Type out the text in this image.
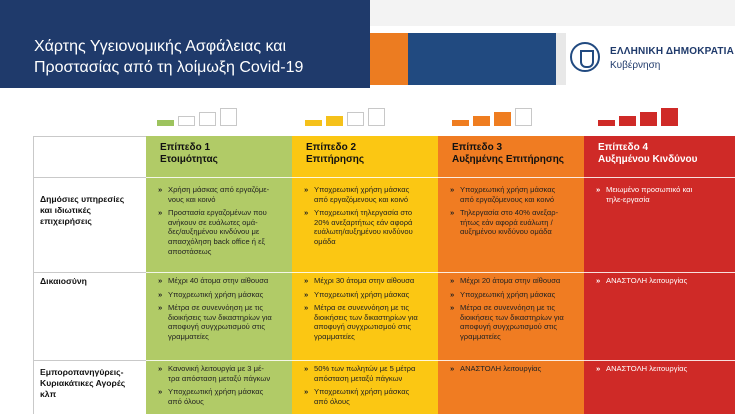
Χάρτης Υγειονομικής Ασφάλειας και
Προστασίας από τη λοίμωξη Covid-19
ΕΛΛΗΝΙΚΗ ΔΗΜΟΚΡΑΤΙΑ
Κυβέρνηση
Επίπεδο 1
Ετοιμότητας
Επίπεδο 2
Επιτήρησης
Επίπεδο 3
Αυξημένης Επιτήρησης
Επίπεδο 4
Αυξημένου Κινδύνου
Δημόσιες υπηρεσίες
και ιδιωτικές
επιχειρήσεις
» Χρήση μάσκας από εργαζόμε-
νους και κοινό
» Προστασία εργαζομένων που
ανήκουν σε ευάλωτες ομά-
δες/αυξημένου κινδύνου με
απασχόληση back office ή εξ
αποστάσεως
» Υποχρεωτική χρήση μάσκας
από εργαζόμενους και κοινό
» Υποχρεωτική τηλεργασία στο
20% ανεξαρτήτως εάν αφορά
ευάλωτη/αυξημένου κινδύνου
ομάδα
» Υποχρεωτική χρήση μάσκας
από εργαζόμενους και κοινό
» Τηλεργασία στο 40% ανεξαρ-
τήτως εάν αφορά ευάλωτη /
αυξημένου κινδύνου ομάδα
» Μειωμένο προσωπικό και
τηλε-εργασία
Δικαιοσύνη	» Μέχρι 40 άτομα στην αίθουσα
» Υποχρεωτική χρήση μάσκας
» Μέτρα σε συνεννόηση με τις
διοικήσεις των δικαστηρίων για
αποφυγή συγχρωτισμού στις
γραμματείες
» Μέχρι 30 άτομα στην αίθουσα
» Υποχρεωτική χρήση μάσκας
» Μέτρα σε συνεννόηση με τις
διοικήσεις των δικαστηρίων για
αποφυγή συγχρωτισμού στις
γραμματείες
» Μέχρι 20 άτομα στην αίθουσα
» Υποχρεωτική χρήση μάσκας
» Μέτρα σε συνεννόηση με τις
διοικήσεις των δικαστηρίων για
αποφυγή συγχρωτισμού στις
γραμματείες
» ΑΝΑΣΤΟΛΗ λειτουργίας
Εμποροπανηγύρεις-
Κυριακάτικες Αγορές
κλπ
» Κανονική λειτουργία με 3 μέ-
τρα απόσταση μεταξύ πάγκων
» Υποχρεωτική χρήση μάσκας
από όλους
» 50% των πωλητών με 5 μέτρα
απόσταση μεταξύ πάγκων
» Υποχρεωτική χρήση μάσκας
από όλους
» ΑΝΑΣΤΟΛΗ λειτουργίας	» ΑΝΑΣΤΟΛΗ λειτουργίας
